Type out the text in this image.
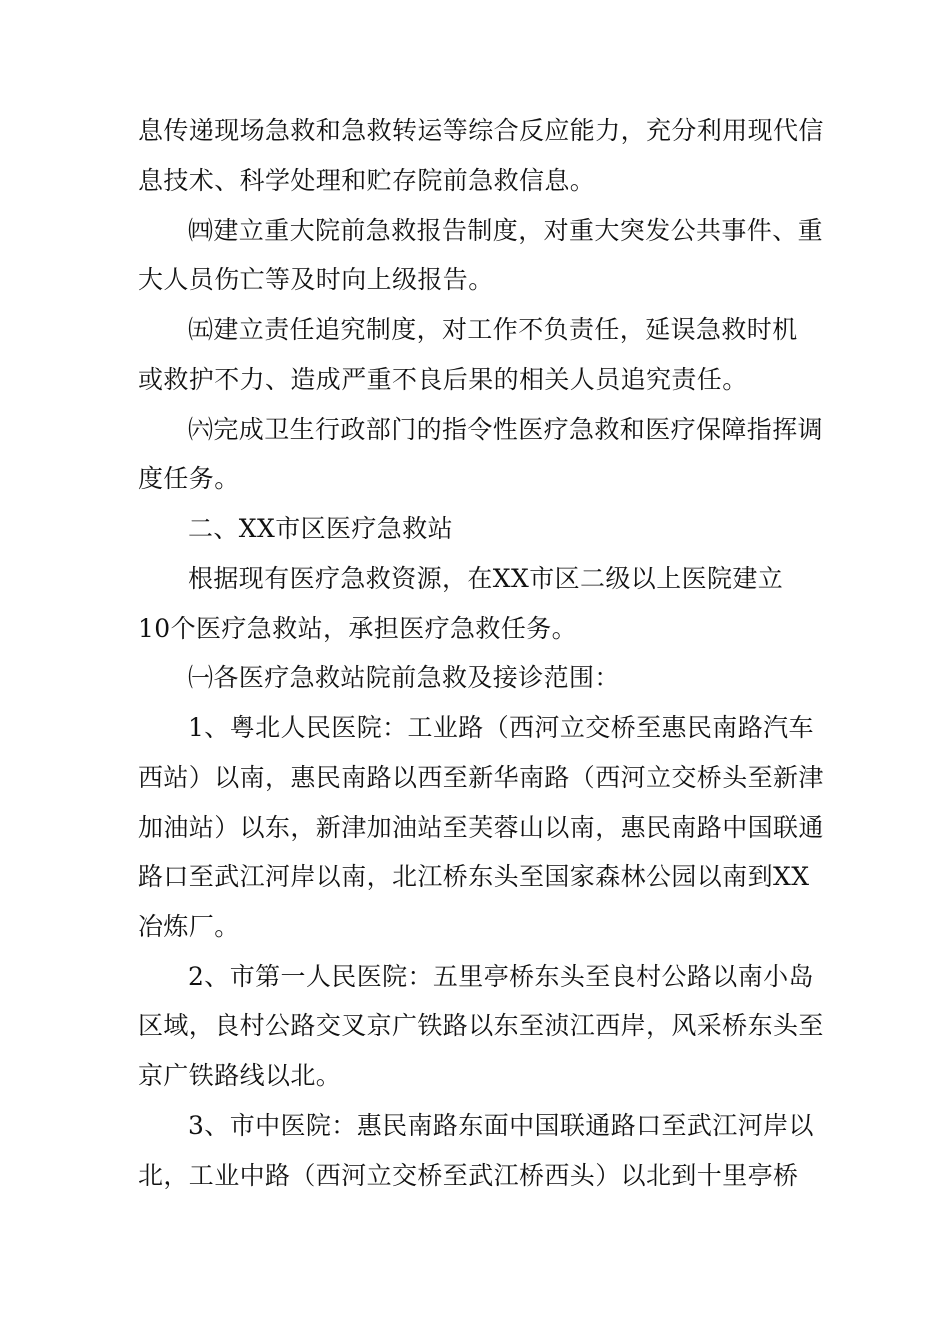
息传递现场急救和急救转运等综合反应能力，充分利用现代信
息技术、科学处理和贮存院前急救信息。
㈣建立重大院前急救报告制度，对重大突发公共事件、重
大人员伤亡等及时向上级报告。
㈤建立责任追究制度，对工作不负责任，延误急救时机
或救护不力、造成严重不良后果的相关人员追究责任。
㈥完成卫生行政部门的指令性医疗急救和医疗保障指挥调
度任务。
二、XX市区医疗急救站
根据现有医疗急救资源，在XX市区二级以上医院建立
10个医疗急救站，承担医疗急救任务。
㈠各医疗急救站院前急救及接诊范围：
1、粤北人民医院：工业路（西河立交桥至惠民南路汽车
西站）以南，惠民南路以西至新华南路（西河立交桥头至新津
加油站）以东，新津加油站至芙蓉山以南，惠民南路中国联通
路口至武江河岸以南，北江桥东头至国家森林公园以南到XX
冶炼厂。
2、市第一人民医院：五里亭桥东头至良村公路以南小岛
区域，良村公路交叉京广铁路以东至浈江西岸，风采桥东头至
京广铁路线以北。
3、市中医院：惠民南路东面中国联通路口至武江河岸以
北，工业中路（西河立交桥至武江桥西头）以北到十里亭桥
